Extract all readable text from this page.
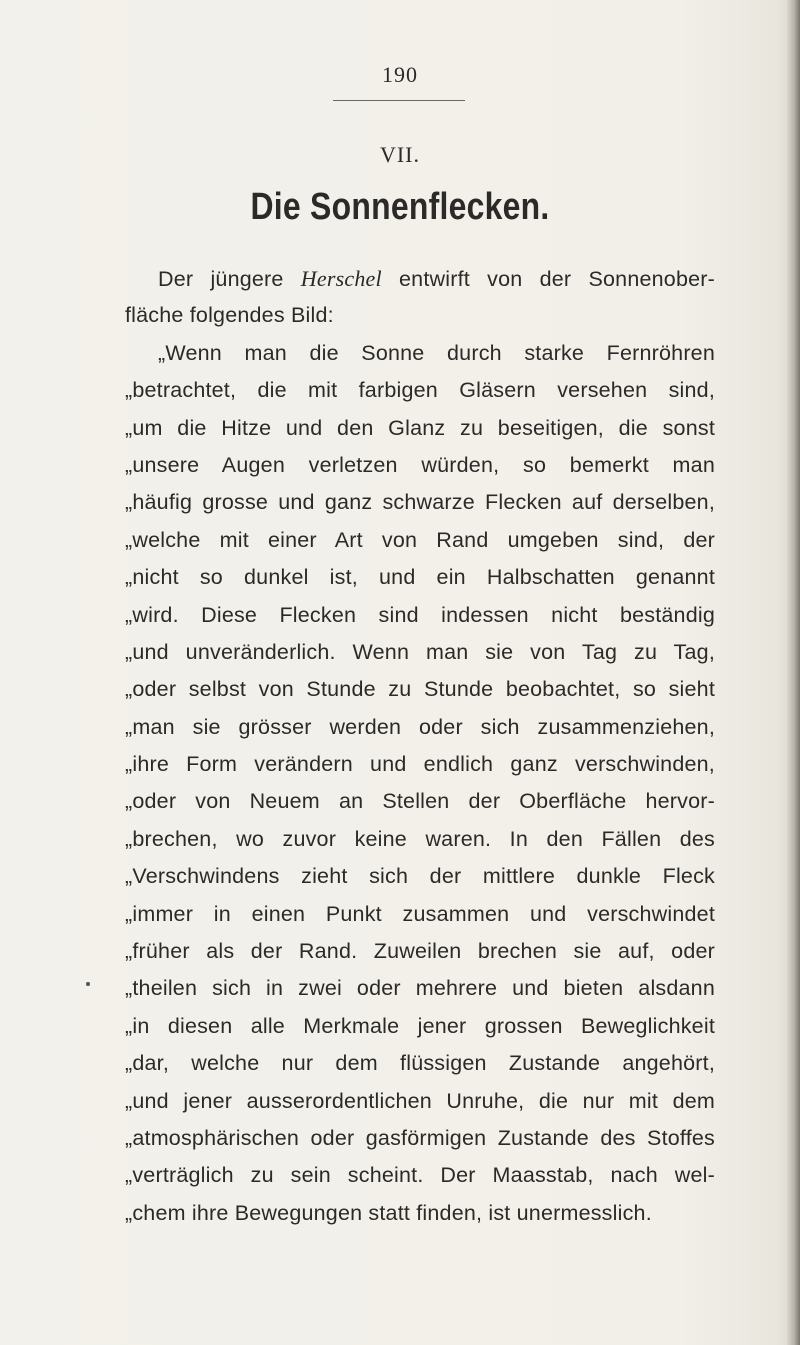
190
VII.
Die Sonnenflecken.
Der jüngere Herschel entwirft von der Sonnenober-
fläche folgendes Bild:
„Wenn man die Sonne durch starke Fernröhren
„betrachtet, die mit farbigen Gläsern versehen sind,
„um die Hitze und den Glanz zu beseitigen, die sonst
„unsere Augen verletzen würden, so bemerkt man
„häufig grosse und ganz schwarze Flecken auf derselben,
„welche mit einer Art von Rand umgeben sind, der
„nicht so dunkel ist, und ein Halbschatten genannt
„wird. Diese Flecken sind indessen nicht beständig
„und unveränderlich. Wenn man sie von Tag zu Tag,
„oder selbst von Stunde zu Stunde beobachtet, so sieht
„man sie grösser werden oder sich zusammenziehen,
„ihre Form verändern und endlich ganz verschwinden,
„oder von Neuem an Stellen der Oberfläche hervor-
„brechen, wo zuvor keine waren. In den Fällen des
„Verschwindens zieht sich der mittlere dunkle Fleck
„immer in einen Punkt zusammen und verschwindet
„früher als der Rand. Zuweilen brechen sie auf, oder
„theilen sich in zwei oder mehrere und bieten alsdann
„in diesen alle Merkmale jener grossen Beweglichkeit
„dar, welche nur dem flüssigen Zustande angehört,
„und jener ausserordentlichen Unruhe, die nur mit dem
„atmosphärischen oder gasförmigen Zustande des Stoffes
„verträglich zu sein scheint. Der Maasstab, nach wel-
„chem ihre Bewegungen statt finden, ist unermesslich.
